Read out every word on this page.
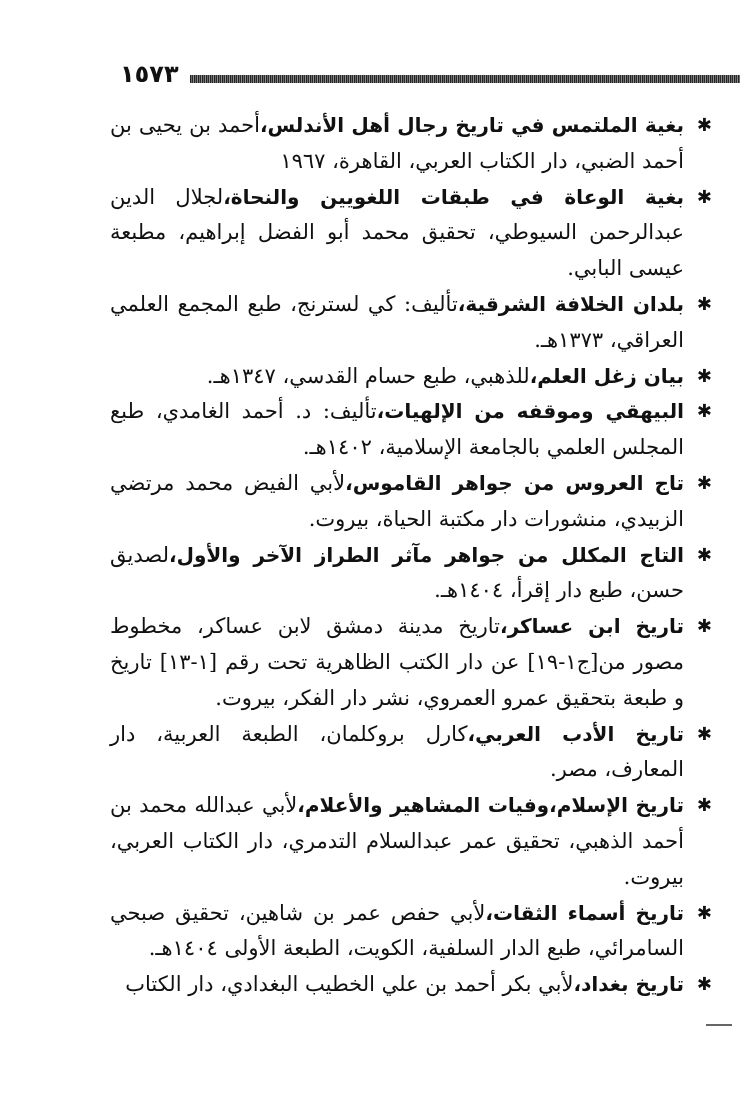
١٥٧٣

✱
بغية الملتمس في تاريخ رجال أهل الأندلس،أحمد بن يحيى بن أحمد الضبي، دار الكتاب العربي، القاهرة، ١٩٦٧

✱
بغية الوعاة في طبقات اللغويين والنحاة،لجلال الدين عبدالرحمن السيوطي، تحقيق محمد أبو الفضل إبراهيم، مطبعة عيسى البابي.

✱
بلدان الخلافة الشرقية،تأليف: كي لسترنج، طبع المجمع العلمي العراقي، ١٣٧٣هـ.

✱
بيان زغل العلم،للذهبي، طبع حسام القدسي، ١٣٤٧هـ.

✱
البيهقي وموقفه من الإلهيات،تأليف: د. أحمد الغامدي، طبع المجلس العلمي بالجامعة الإسلامية، ١٤٠٢هـ.

✱
تاج العروس من جواهر القاموس،لأبي الفيض محمد مرتضي الزبيدي، منشورات دار مكتبة الحياة، بيروت.

✱
التاج المكلل من جواهر مآثر الطراز الآخر والأول،لصديق حسن، طبع دار إقرأ، ١٤٠٤هـ.

✱
تاريخ ابن عساكر،تاريخ مدينة دمشق لابن عساكر، مخطوط مصور من[ج١-١٩] عن دار الكتب الظاهرية تحت رقم [١-١٣] تاريخ و طبعة بتحقيق عمرو العمروي، نشر دار الفكر، بيروت.

✱
تاريخ الأدب العربي،كارل بروكلمان، الطبعة العربية، دار المعارف، مصر.

✱
تاريخ الإسلام،وفيات المشاهير والأعلام،لأبي عبدالله محمد بن أحمد الذهبي، تحقيق عمر عبدالسلام التدمري، دار الكتاب العربي، بيروت.

✱
تاريخ أسماء الثقات،لأبي حفص عمر بن شاهين، تحقيق صبحي السامرائي، طبع الدار السلفية، الكويت، الطبعة الأولى ١٤٠٤هـ.

✱
تاريخ بغداد،لأبي بكر أحمد بن علي الخطيب البغدادي، دار الكتاب
